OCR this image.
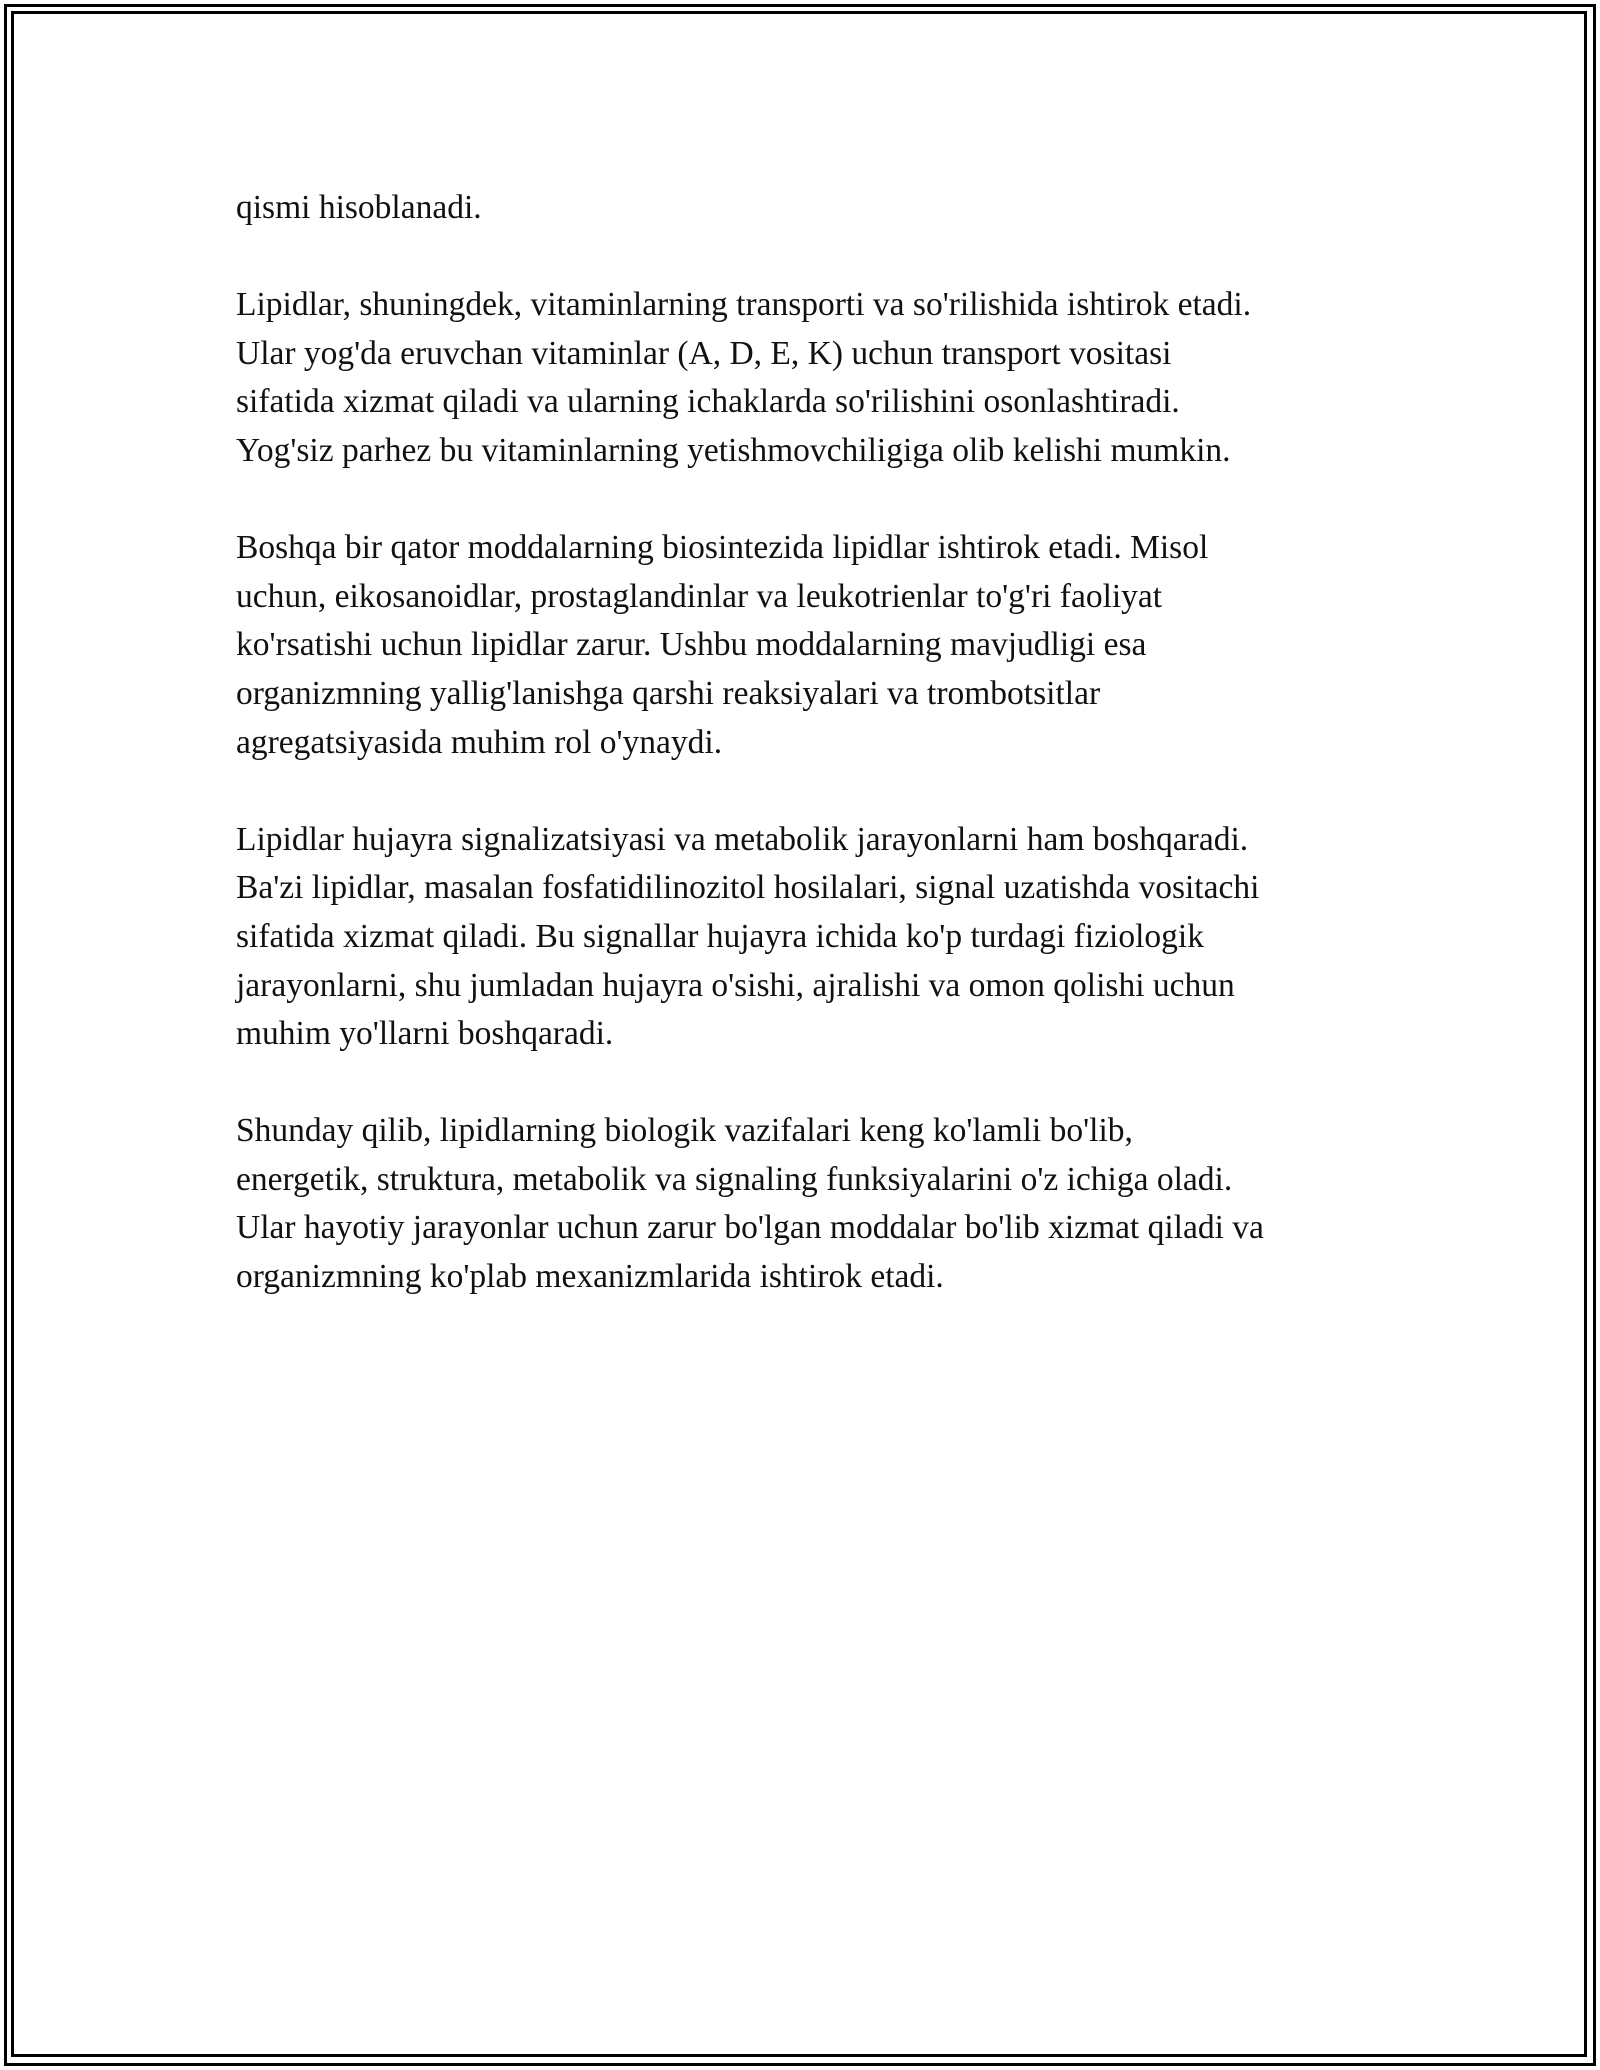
qismi hisoblanadi.

Lipidlar, shuningdek, vitaminlarning transporti va so'rilishida ishtirok etadi.
Ular yog'da eruvchan vitaminlar (A, D, E, K) uchun transport vositasi
sifatida xizmat qiladi va ularning ichaklarda so'rilishini osonlashtiradi.
Yog'siz parhez bu vitaminlarning yetishmovchiligiga olib kelishi mumkin.

Boshqa bir qator moddalarning biosintezida lipidlar ishtirok etadi. Misol
uchun, eikosanoidlar, prostaglandinlar va leukotrienlar to'g'ri faoliyat
ko'rsatishi uchun lipidlar zarur. Ushbu moddalarning mavjudligi esa
organizmning yallig'lanishga qarshi reaksiyalari va trombotsitlar
agregatsiyasida muhim rol o'ynaydi.

Lipidlar hujayra signalizatsiyasi va metabolik jarayonlarni ham boshqaradi.
Ba'zi lipidlar, masalan fosfatidilinozitol hosilalari, signal uzatishda vositachi
sifatida xizmat qiladi. Bu signallar hujayra ichida ko'p turdagi fiziologik
jarayonlarni, shu jumladan hujayra o'sishi, ajralishi va omon qolishi uchun
muhim yo'llarni boshqaradi.

Shunday qilib, lipidlarning biologik vazifalari keng ko'lamli bo'lib,
energetik, struktura, metabolik va signaling funksiyalarini o'z ichiga oladi.
Ular hayotiy jarayonlar uchun zarur bo'lgan moddalar bo'lib xizmat qiladi va
organizmning ko'plab mexanizmlarida ishtirok etadi.
